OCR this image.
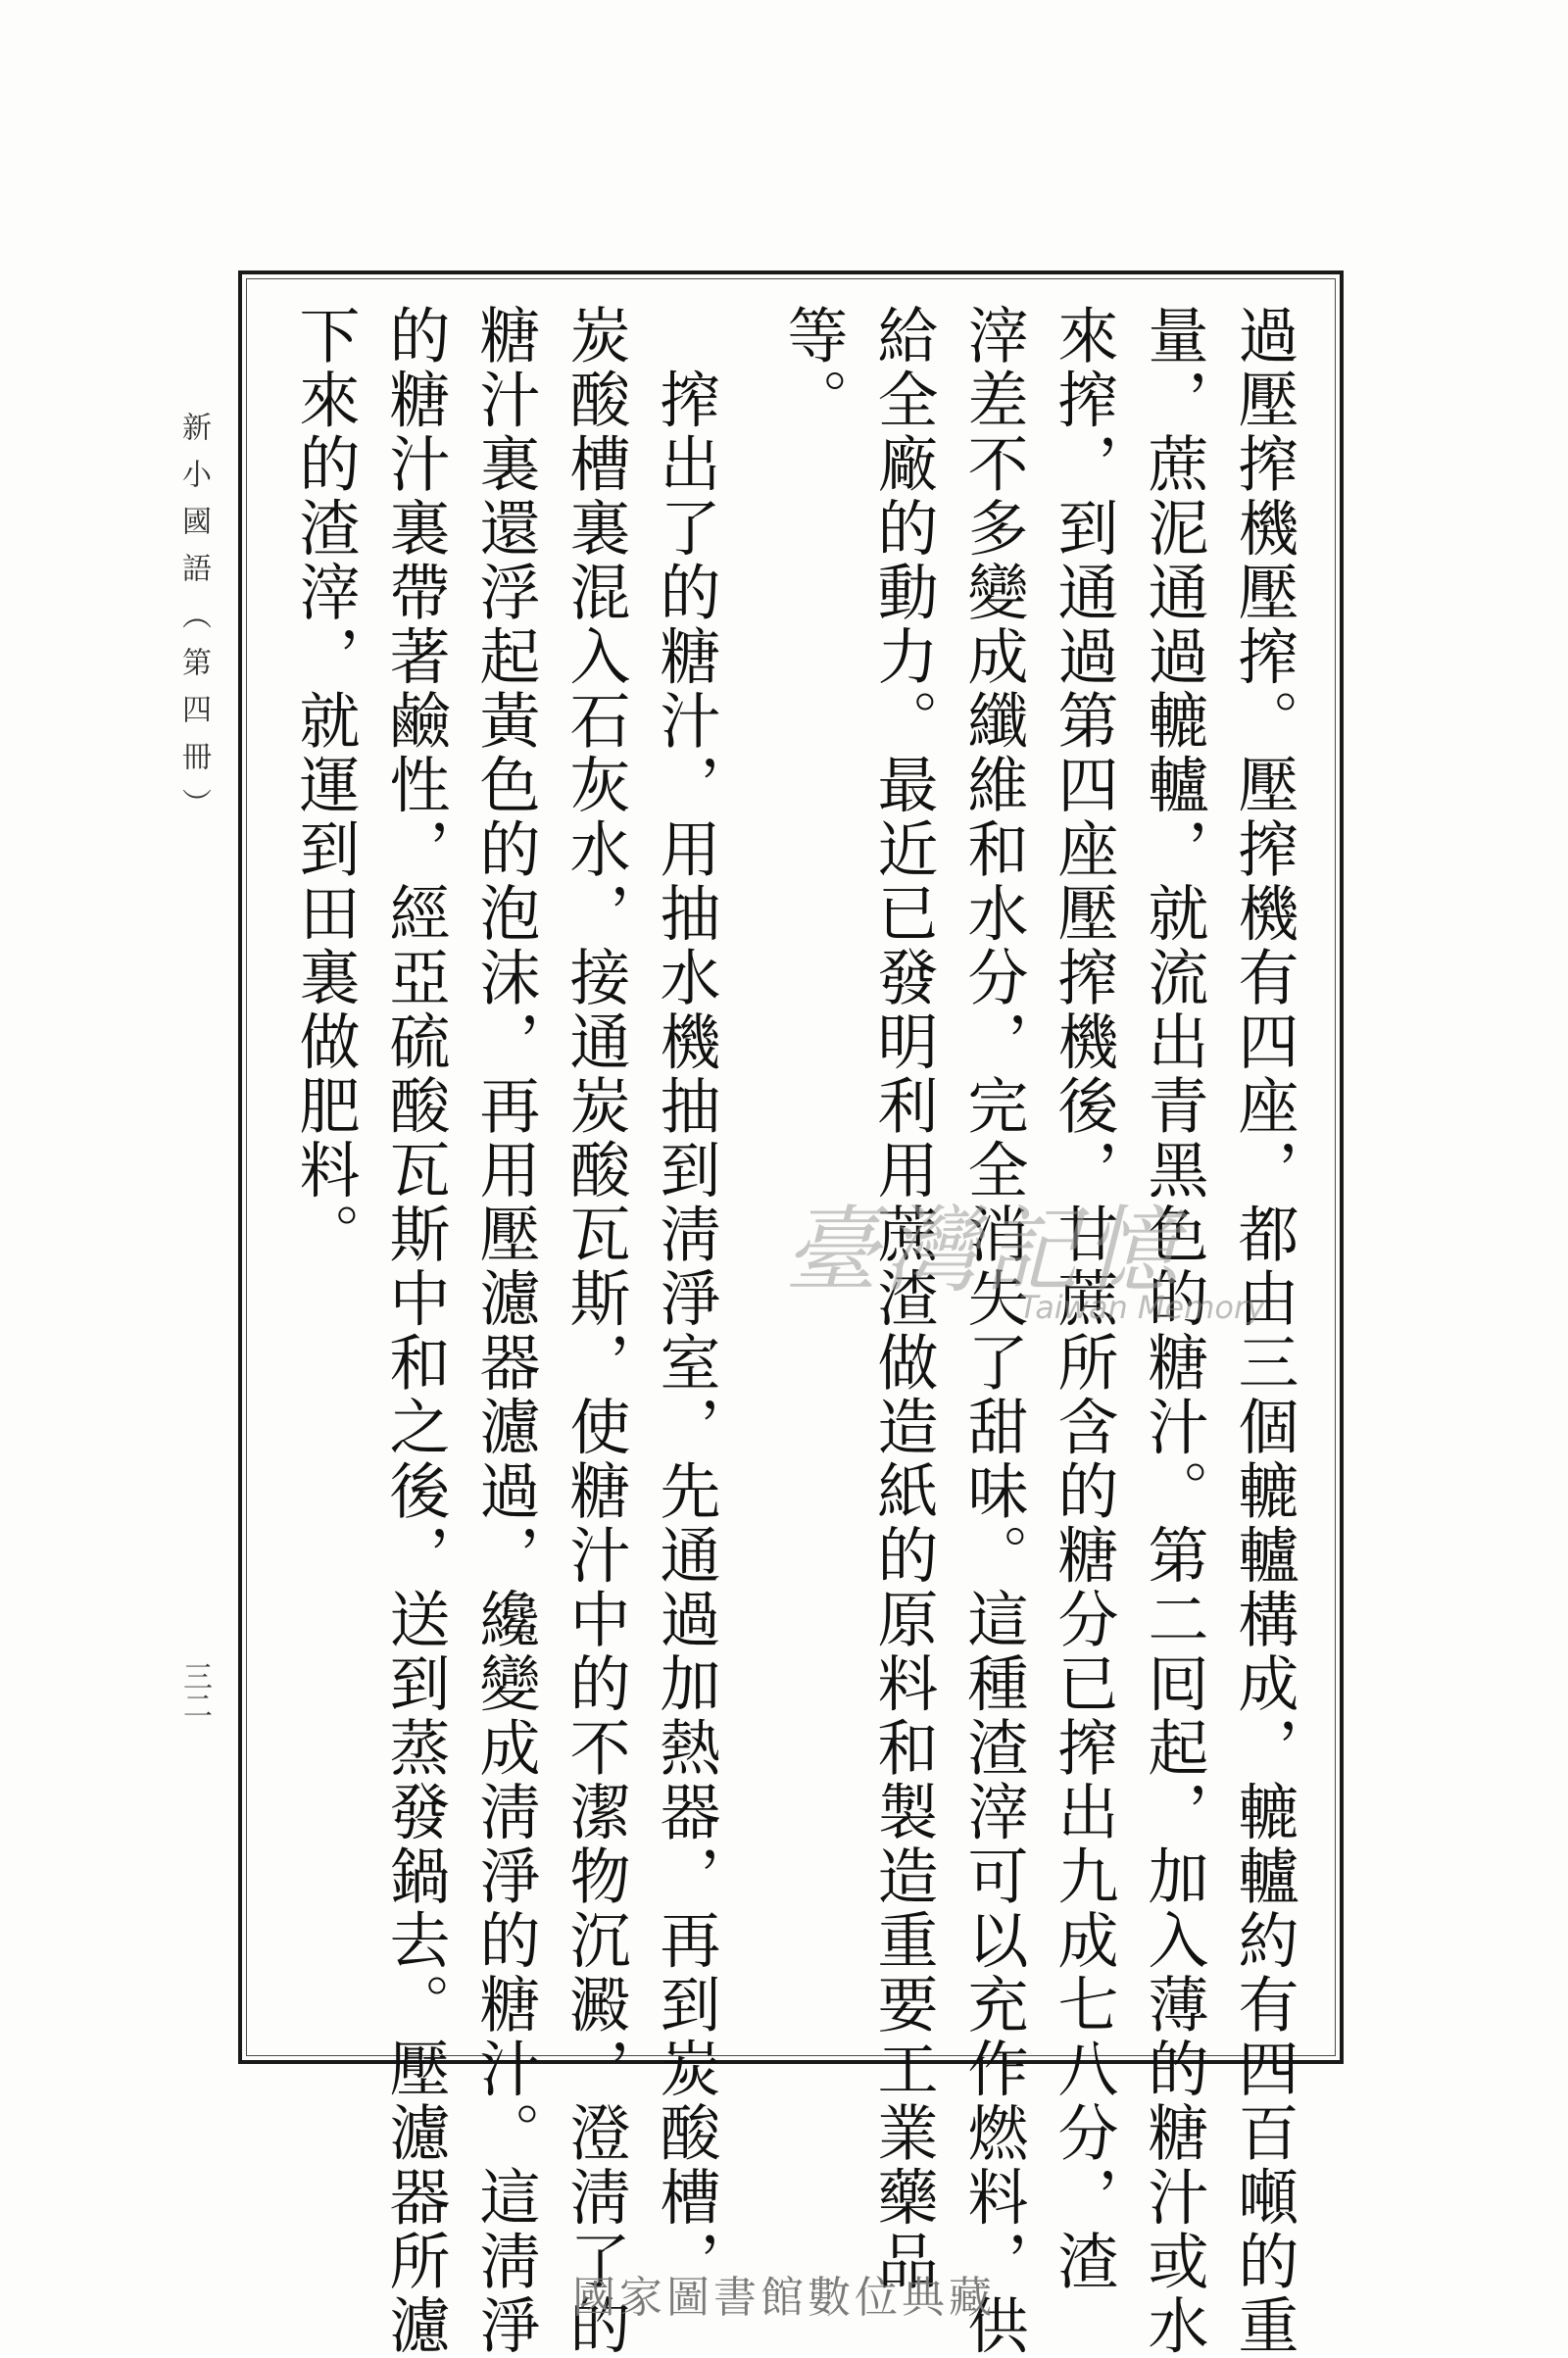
新小國語（第四冊）
三二	過壓搾機壓搾。壓搾機有四座，都由三個轆轤構成，轆轤約有四百噸的重
量，蔗泥通過轆轤，就流出青黑色的糖汁。第二囘起，加入薄的糖汁或水
來搾，到通過第四座壓搾機後，甘蔗所含的糖分已搾出九成七八分，渣
滓差不多變成纖維和水分，完全消失了甜味。這種渣滓可以充作燃料，供
給全廠的動力。最近已發明利用蔗渣做造紙的原料和製造重要工業藥品
等。
　搾出了的糖汁，用抽水機抽到淸淨室，先通過加熱器，再到炭酸槽，
炭酸槽裏混入石灰水，接通炭酸瓦斯，使糖汁中的不潔物沉澱，澄淸了的
糖汁裏還浮起黃色的泡沫，再用壓濾器濾過，纔變成淸淨的糖汁。這淸淨
的糖汁裏帶著鹼性，經亞硫酸瓦斯中和之後，送到蒸發鍋去。壓濾器所濾
下來的渣滓，就運到田裏做肥料。	臺灣記憶
Taiwan Memory
國家圖書館數位典藏
